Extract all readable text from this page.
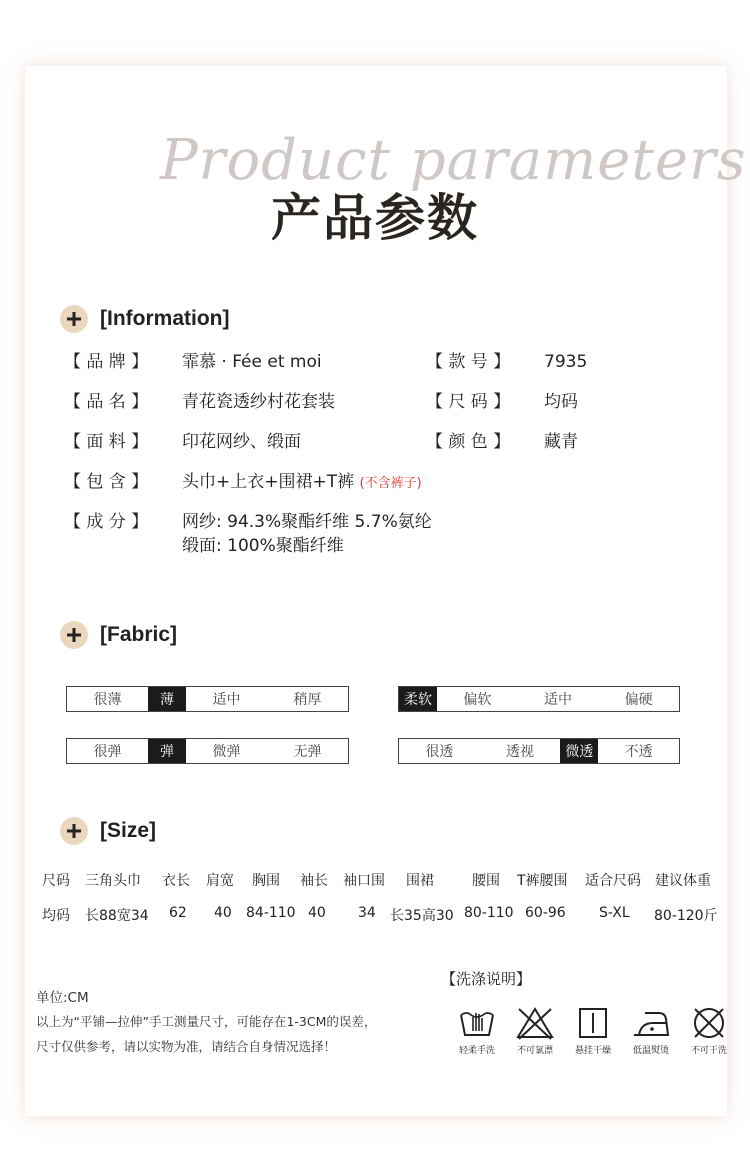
Product parameters
产品参数
[Information]
【 品 牌 】 霏慕 · Fée et moi	【 款 号 】 7935
【 品 名 】 青花瓷透纱村花套装	【 尺 码 】 均码
【 面 料 】 印花网纱、缎面	【 颜 色 】 藏青
【 包 含 】 头巾+上衣+围裙+T裤 (不含裤子)
【 成 分 】 网纱: 94.3%聚酯纤维 5.7%氨纶
缎面: 100%聚酯纤维
[Fabric]
很薄	薄	适中	稍厚	柔软	偏软	适中	偏硬
很弹	弹	微弹	无弹	很透	透视	微透	不透
[Size]
尺码 三角头巾 衣长 肩宽 胸围 袖长 袖口围 围裙	腰围 T裤腰围 适合尺码 建议体重
均码 长88宽34 62 40 84-110 40 34 长35高30 80-110 60-96 S-XL 80-120斤
单位:CM
以上为“平铺—拉伸”手工测量尺寸，可能存在1-3CM的误差，
尺寸仅供参考，请以实物为准，请结合自身情况选择！
【洗涤说明】
轻柔手洗 不可氯漂 悬挂干燥 低温熨烫 不可干洗
